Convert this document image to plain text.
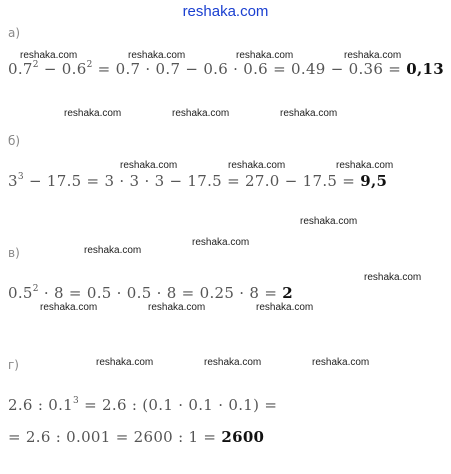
reshaka.com
reshaka.com	reshaka.com	reshaka.com	reshaka.com
reshaka.com	reshaka.com	reshaka.com
reshaka.com	reshaka.com	reshaka.com
reshaka.com
reshaka.com
reshaka.com
reshaka.com
reshaka.com	reshaka.com	reshaka.com
reshaka.com	reshaka.com	reshaka.com
а)
$0.7^2 - 0.6^2 = 0.7 \cdot 0.7 - 0.6 \cdot 0.6 = 0.49 - 0.36 = 0,13$
б)
$3^3 - 17.5 = 3 \cdot 3 \cdot 3 - 17.5 = 27.0 - 17.5 = 9,5$
в)
$0.5^2 \cdot 8 = 0.5 \cdot 0.5 \cdot 8 = 0.25 \cdot 8 = 2$
г)
2.6 : $0.1^3 = 2.6$ : (0.1 · 0.1 · 0.1) =
= 2.6 : 0.001 = 2600 : 1 = 2600
